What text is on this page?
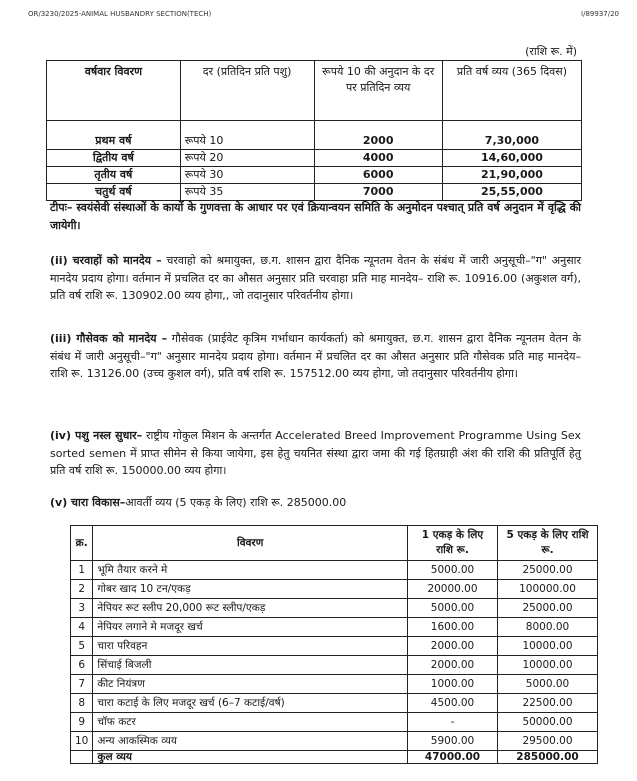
OR/3230/2025-ANIMAL HUSBANDRY SECTION(TECH)	I/89937/20
(राशि रू. में)
वर्षवार विवरण	दर (प्रतिदिन प्रति पशु)	रूपये 10 की अनुदान के दर पर प्रतिदिन व्यय	प्रति वर्ष व्यय (365 दिवस)
प्रथम वर्ष	रूपये 10	2000	7,30,000
द्वितीय वर्ष	रूपये 20	4000	14,60,000
तृतीय वर्ष	रूपये 30	6000	21,90,000
चतुर्थ वर्ष	रूपये 35	7000	25,55,000
टीपः– स्वयंसेवी संस्थाओं के कार्यो के गुणवत्ता के आधार पर एवं क्रियान्वयन समिति के अनुमोदन पश्चात् प्रति वर्ष अनुदान में वृद्धि की जायेगी।
(ii) चरवाहों को मानदेय – चरवाहो को श्रमायुक्त, छ.ग. शासन द्वारा दैनिक न्यूनतम वेतन के संबंध में जारी अनुसूची–"ग" अनुसार मानदेय प्रदाय होगा। वर्तमान में प्रचलित दर का औसत अनुसार प्रति चरवाहा प्रति माह मानदेय– राशि रू. 10916.00 (अकुशल वर्ग), प्रति वर्ष राशि रू. 130902.00 व्यय होगा,, जो तदानुसार परिवर्तनीय होगा।
(iii) गौसेवक को मानदेय – गौसेवक (प्राईवेट कृत्रिम गर्भाधान कार्यकर्ता) को श्रमायुक्त, छ.ग. शासन द्वारा दैनिक न्यूनतम वेतन के संबंध में जारी अनुसूची–"ग" अनुसार मानदेय प्रदाय होगा। वर्तमान में प्रचलित दर का औसत अनुसार प्रति गौसेवक प्रति माह मानदेय– राशि रू. 13126.00 (उच्च कुशल वर्ग), प्रति वर्ष राशि रू. 157512.00 व्यय होगा, जो तदानुसार परिवर्तनीय होगा।
(iv) पशु नस्ल सुधार– राष्ट्रीय गोकुल मिशन के अन्तर्गत Accelerated Breed Improvement Programme Using Sex sorted semen में प्राप्त सीमेन से किया जायेगा, इस हेतु चयनित संस्था द्वारा जमा की गई हितग्राही अंश की राशि की प्रतिपूर्ति हेतु प्रति वर्ष राशि रू. 150000.00 व्यय होगा।
(v) चारा विकास–आवर्ती व्यय (5 एकड़ के लिए) राशि रू. 285000.00
क्र.	विवरण	1 एकड़ के लिए राशि रू.	5 एकड़ के लिए राशि रू.
1	भूमि तैयार करने मे	5000.00	25000.00
2	गोबर खाद 10 टन/एकड़	20000.00	100000.00
3	नेपियर रूट स्लीप 20,000 रूट स्लीप/एकड़	5000.00	25000.00
4	नेपियर लगाने मे मजदूर खर्च	1600.00	8000.00
5	चारा परिवहन	2000.00	10000.00
6	सिंचाई बिजली	2000.00	10000.00
7	कीट नियंत्रण	1000.00	5000.00
8	चारा कटाई के लिए मजदूर खर्च (6–7 कटाई/वर्ष)	4500.00	22500.00
9	चॉफ कटर	-	50000.00
10	अन्य आकस्मिक व्यय	5900.00	29500.00
	कुल व्यय	47000.00	285000.00
